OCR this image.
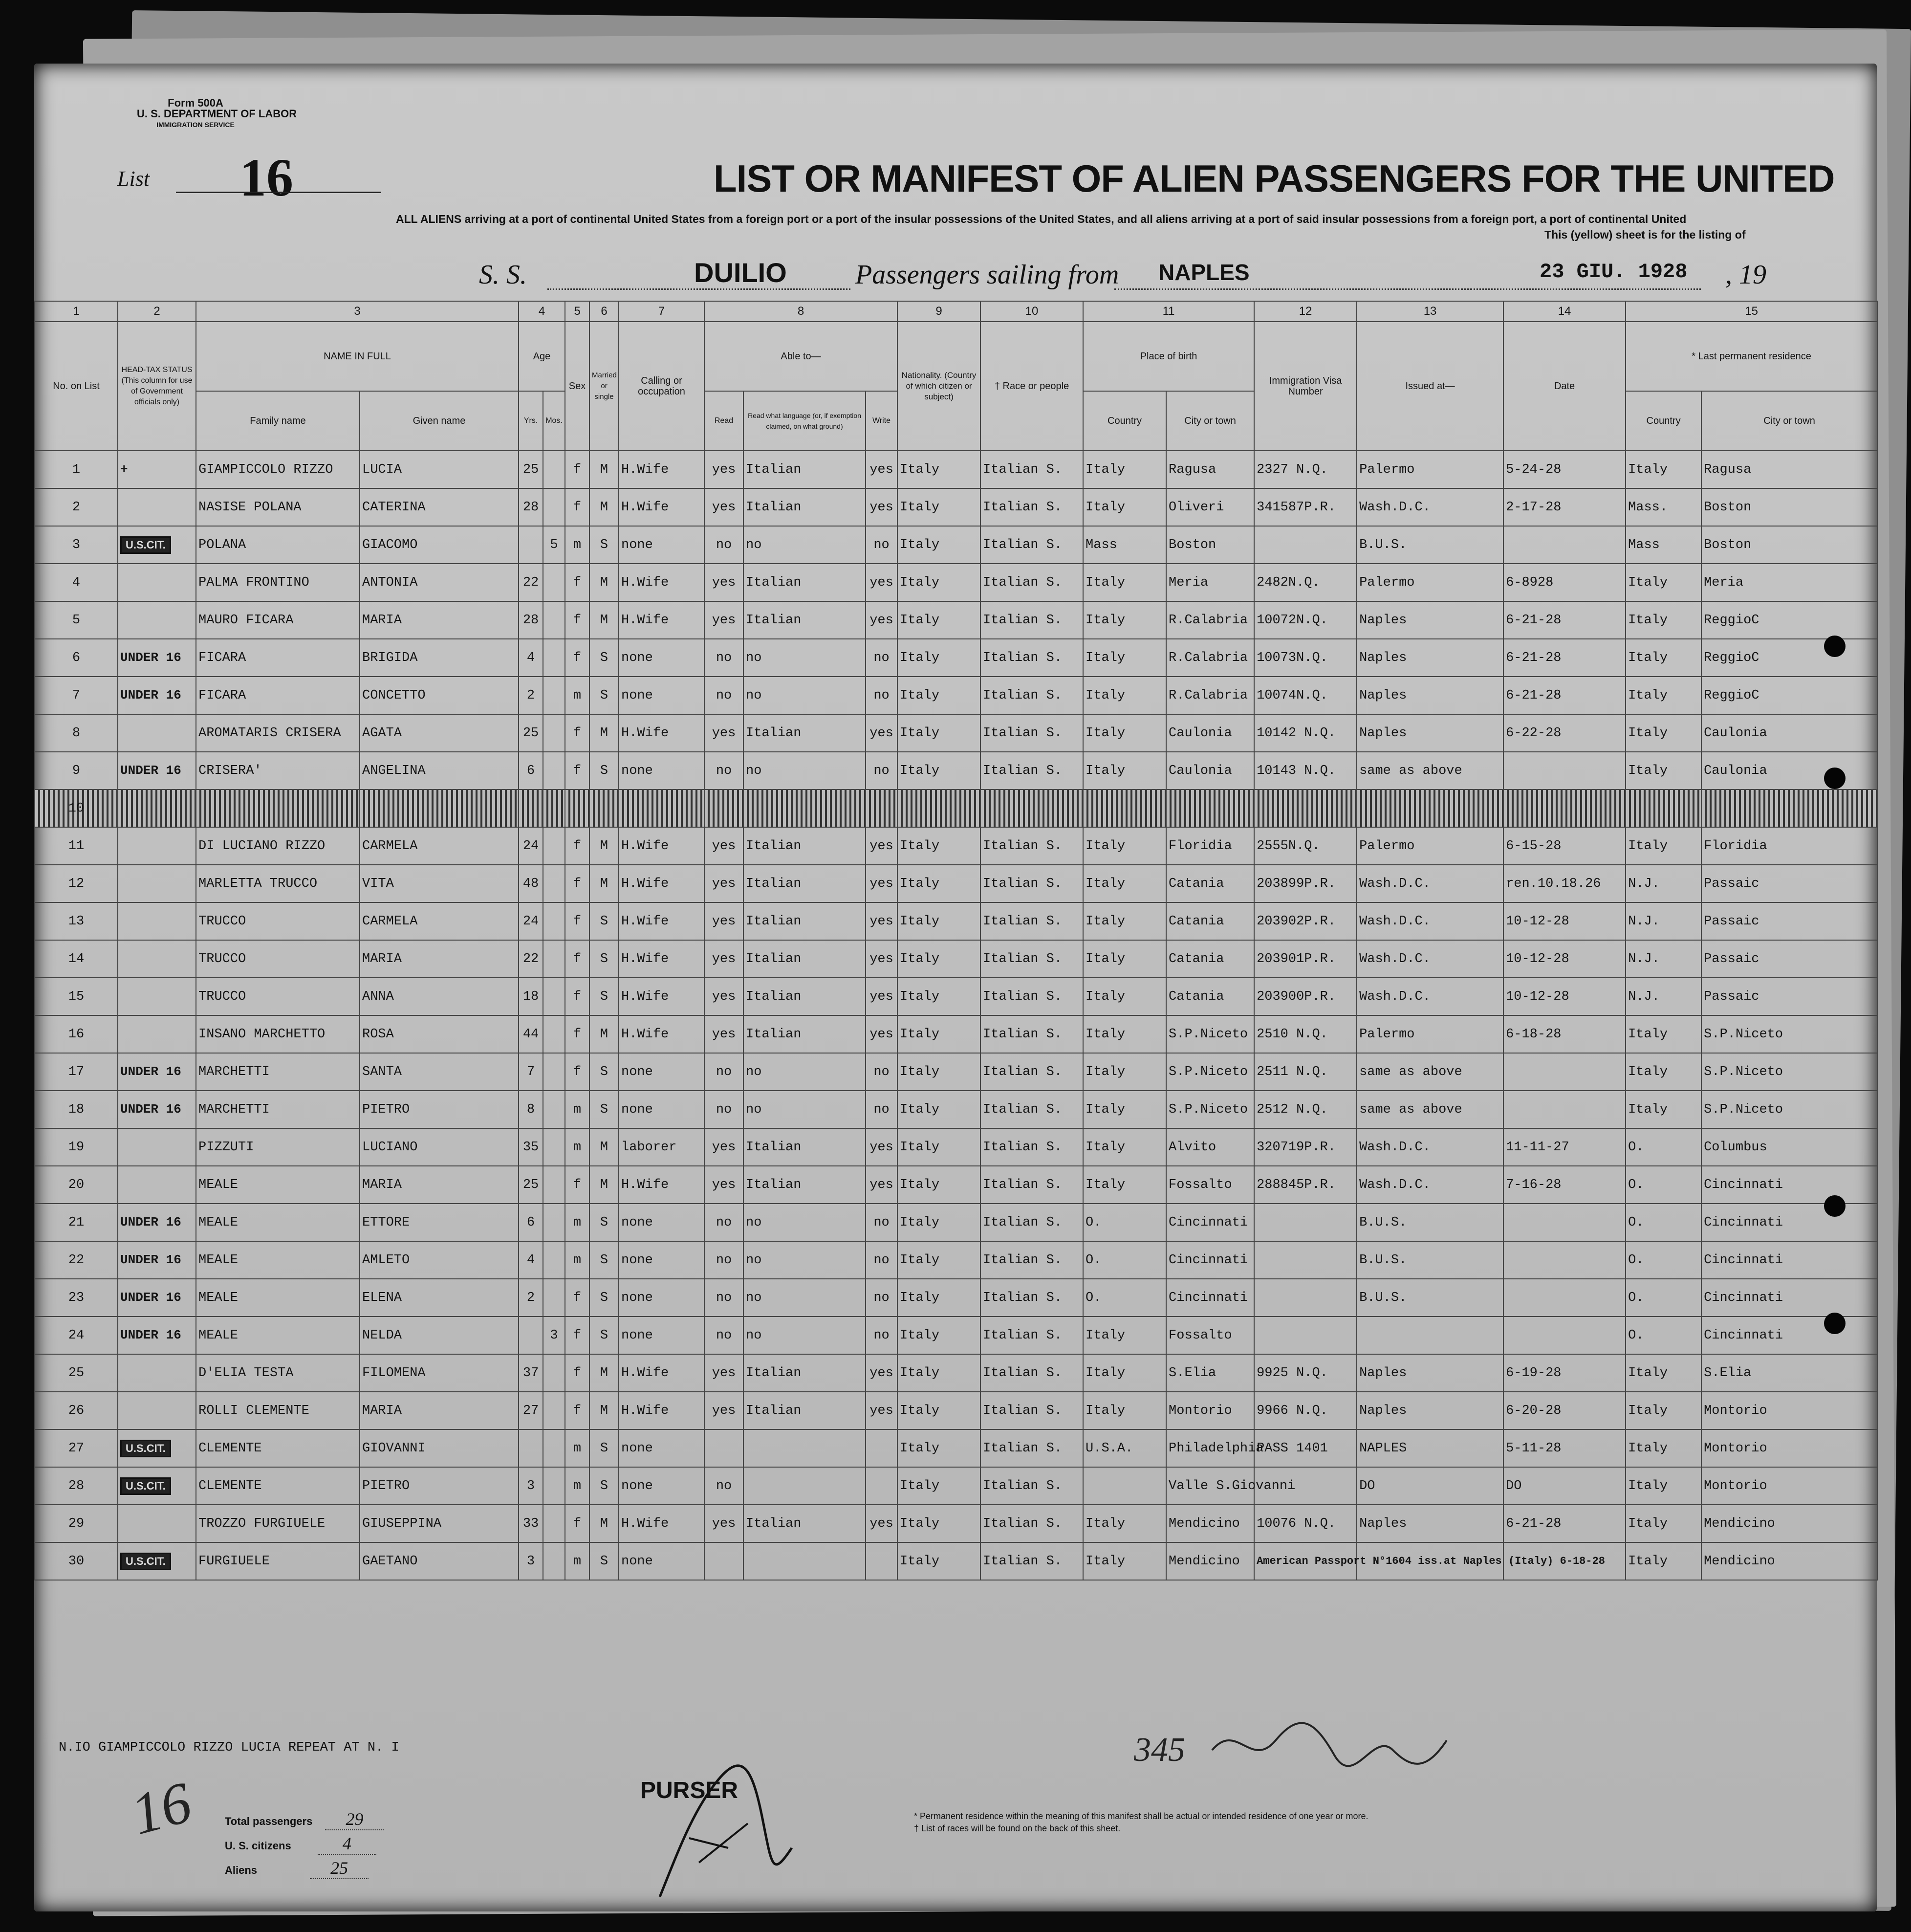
Form 500A
U. S. DEPARTMENT OF LABOR
IMMIGRATION SERVICE
List 16	LIST OR MANIFEST OF ALIEN PASSENGERS FOR THE UNITED
ALL ALIENS arriving at a port of continental United States from a foreign port or a port of the insular possessions of the United States, and all aliens arriving at a port of said insular possessions from a foreign port, a port of continental United
This (yellow) sheet is for the listing of
S. S.	DUILIO	Passengers sailing from NAPLES	23 GIU. 1928 , 19
1	2	3		4		5	6	7	8			9	10	11		12	13	14	15	
No. on List	HEAD-TAX STATUS (This column for use of Government officials only)	NAME IN FULL		Age		Sex	Married or single	Calling or occupation	Able to—			Nationality. (Country of which citizen or subject)	† Race or people	Place of birth		Immigration Visa Number	Issued at—	Date	* Last permanent residence	
		Family name	Given name	Yrs.	Mos.				Read	Read what language (or, if exemption claimed, on what ground)	Write			Country	City or town				Country	City or town
1	+	GIAMPICCOLO RIZZO	LUCIA	25		f	M	H.Wife	yes	Italian	yes	Italy	Italian S.	Italy	Ragusa	2327 N.Q.	Palermo	5-24-28	Italy	Ragusa
2		NASISE POLANA	CATERINA	28		f	M	H.Wife	yes	Italian	yes	Italy	Italian S.	Italy	Oliveri	341587P.R.	Wash.D.C.	2-17-28	Mass.	Boston
3	U.S.CIT.	POLANA	GIACOMO		5	m	S	none	no	no	no	Italy	Italian S.	Mass	Boston		B.U.S.		Mass	Boston
4		PALMA FRONTINO	ANTONIA	22		f	M	H.Wife	yes	Italian	yes	Italy	Italian S.	Italy	Meria	2482N.Q.	Palermo	6-8928	Italy	Meria
5		MAURO FICARA	MARIA	28		f	M	H.Wife	yes	Italian	yes	Italy	Italian S.	Italy	R.Calabria	10072N.Q.	Naples	6-21-28	Italy	ReggioC
6	UNDER 16	FICARA	BRIGIDA	4		f	S	none	no	no	no	Italy	Italian S.	Italy	R.Calabria	10073N.Q.	Naples	6-21-28	Italy	ReggioC
7	UNDER 16	FICARA	CONCETTO	2		m	S	none	no	no	no	Italy	Italian S.	Italy	R.Calabria	10074N.Q.	Naples	6-21-28	Italy	ReggioC
8		AROMATARIS CRISERA	AGATA	25		f	M	H.Wife	yes	Italian	yes	Italy	Italian S.	Italy	Caulonia	10142 N.Q.	Naples	6-22-28	Italy	Caulonia
9	UNDER 16	CRISERA'	ANGELINA	6		f	S	none	no	no	no	Italy	Italian S.	Italy	Caulonia	10143 N.Q.	same as above		Italy	Caulonia
10																				
11		DI LUCIANO RIZZO	CARMELA	24		f	M	H.Wife	yes	Italian	yes	Italy	Italian S.	Italy	Floridia	2555N.Q.	Palermo	6-15-28	Italy	Floridia
12		MARLETTA TRUCCO	VITA	48		f	M	H.Wife	yes	Italian	yes	Italy	Italian S.	Italy	Catania	203899P.R.	Wash.D.C.	ren.10.18.26	N.J.	Passaic
13		TRUCCO	CARMELA	24		f	S	H.Wife	yes	Italian	yes	Italy	Italian S.	Italy	Catania	203902P.R.	Wash.D.C.	10-12-28	N.J.	Passaic
14		TRUCCO	MARIA	22		f	S	H.Wife	yes	Italian	yes	Italy	Italian S.	Italy	Catania	203901P.R.	Wash.D.C.	10-12-28	N.J.	Passaic
15		TRUCCO	ANNA	18		f	S	H.Wife	yes	Italian	yes	Italy	Italian S.	Italy	Catania	203900P.R.	Wash.D.C.	10-12-28	N.J.	Passaic
16		INSANO MARCHETTO	ROSA	44		f	M	H.Wife	yes	Italian	yes	Italy	Italian S.	Italy	S.P.Niceto	2510 N.Q.	Palermo	6-18-28	Italy	S.P.Niceto
17	UNDER 16	MARCHETTI	SANTA	7		f	S	none	no	no	no	Italy	Italian S.	Italy	S.P.Niceto	2511 N.Q.	same as above		Italy	S.P.Niceto
18	UNDER 16	MARCHETTI	PIETRO	8		m	S	none	no	no	no	Italy	Italian S.	Italy	S.P.Niceto	2512 N.Q.	same as above		Italy	S.P.Niceto
19		PIZZUTI	LUCIANO	35		m	M	laborer	yes	Italian	yes	Italy	Italian S.	Italy	Alvito	320719P.R.	Wash.D.C.	11-11-27	O.	Columbus
20		MEALE	MARIA	25		f	M	H.Wife	yes	Italian	yes	Italy	Italian S.	Italy	Fossalto	288845P.R.	Wash.D.C.	7-16-28	O.	Cincinnati
21	UNDER 16	MEALE	ETTORE	6		m	S	none	no	no	no	Italy	Italian S.	O.	Cincinnati		B.U.S.		O.	Cincinnati
22	UNDER 16	MEALE	AMLETO	4		m	S	none	no	no	no	Italy	Italian S.	O.	Cincinnati		B.U.S.		O.	Cincinnati
23	UNDER 16	MEALE	ELENA	2		f	S	none	no	no	no	Italy	Italian S.	O.	Cincinnati		B.U.S.		O.	Cincinnati
24	UNDER 16	MEALE	NELDA		3	f	S	none	no	no	no	Italy	Italian S.	Italy	Fossalto				O.	Cincinnati
25		D'ELIA TESTA	FILOMENA	37		f	M	H.Wife	yes	Italian	yes	Italy	Italian S.	Italy	S.Elia	9925 N.Q.	Naples	6-19-28	Italy	S.Elia
26		ROLLI CLEMENTE	MARIA	27		f	M	H.Wife	yes	Italian	yes	Italy	Italian S.	Italy	Montorio	9966 N.Q.	Naples	6-20-28	Italy	Montorio
27	U.S.CIT.	CLEMENTE	GIOVANNI			m	S	none				Italy	Italian S.	U.S.A.	Philadelphia	PASS 1401	NAPLES	5-11-28	Italy	Montorio
28	U.S.CIT.	CLEMENTE	PIETRO	3		m	S	none	no			Italy	Italian S.		Valle S.Giovanni		DO	DO	Italy	Montorio
29		TROZZO FURGIUELE	GIUSEPPINA	33		f	M	H.Wife	yes	Italian	yes	Italy	Italian S.	Italy	Mendicino	10076 N.Q.	Naples	6-21-28	Italy	Mendicino
30	U.S.CIT.	FURGIUELE	GAETANO	3		m	S	none				Italy	Italian S.	Italy	Mendicino	American Passport N°1604 iss.at Naples (Italy) 6-18-28			Italy	Mendicino
N.IO GIAMPICCOLO RIZZO LUCIA REPEAT AT N. I
PURSER
Total passengers 29
U. S. citizens	4
Aliens	25
* Permanent residence within the meaning of this manifest shall be actual or intended residence of one year or more.
† List of races will be found on the back of this sheet.
16
345
